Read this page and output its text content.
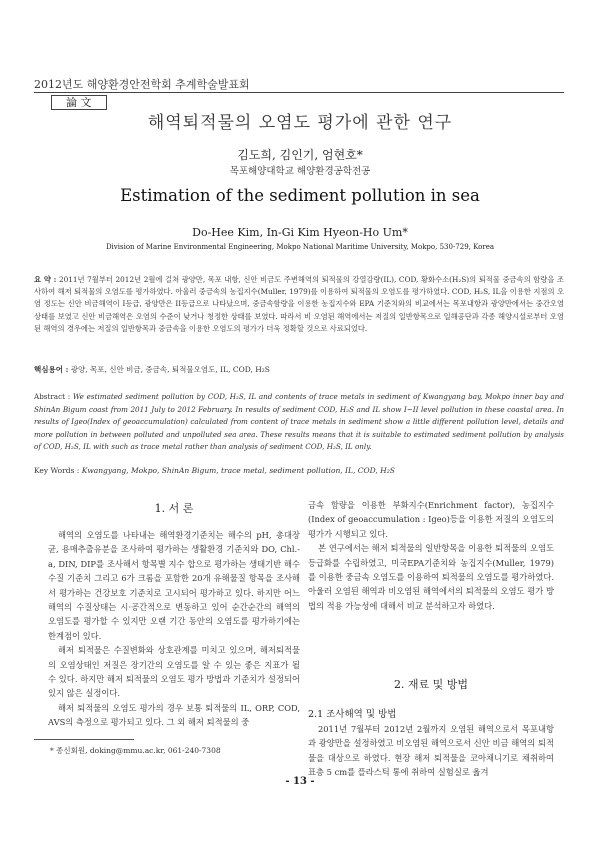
2012년도 해양환경안전학회 추계학술발표회
論 文
해역퇴적물의 오염도 평가에 관한 연구
김도희, 김인기, 엄현호*
목포해양대학교 해양환경공학전공
Estimation of the sediment pollution in sea
Do-Hee Kim, In-Gi Kim Hyeon-Ho Um*
Division of Marine Environmental Engineering, Mokpo National Maritime University, Mokpo, 530-729, Korea
요 약 : 2011년 7월부터 2012년 2월에 걸쳐 광양만, 목포 내항, 신안 비금도 주변해역의 퇴적물의 강열감량(IL), COD, 황화수소(H₂S)의 퇴적물 중금속의 함량을 조사하여 해저 퇴적물의 오염도를 평가하였다. 아울러 중금속의 농집지수(Muller, 1979)를 이용하여 퇴적물의 오염도를 평가하였다. COD, H₂S, IL을 이용한 지점의 오염 정도는 신안 비금해역이 I등급, 광양만은 II등급으로 나타났으며, 중금속함량을 이용한 농집지수와 EPA 기준치와의 비교에서는 목포내항과 광양만에서는 중간오염 상태를 보였고 신안 비금해역은 오염의 수준이 낮거나 청정한 상태를 보였다. 따라서 비 오염된 해역에서는 저질의 일반항목으로 일해공단과 각종 해양시설로부터 오염된 해역의 경우에는 저질의 일반항목과 중금속을 이용한 오염도의 평가가 더욱 정확할 것으로 사료되었다.
핵심용어 : 광양, 목포, 신안 비금, 중금속, 퇴적물오염도, IL, COD, H₂S
Abstract : We estimated sediment pollution by COD, H₂S, IL and contents of trace metals in sediment of Kwangyang bay, Mokpo inner bay and ShinAn Bigum coast from 2011 July to 2012 February. In results of sediment COD, H₂S and IL show I~II level pollution in these coastal area. In results of Igeo(Index of geoaccumulation) calculated from content of trace metals in sediment show a little different pollution level, details and more pollution in between polluted and unpolluted sea area. These results means that it is suitable to estimated sediment pollution by analysis of COD, H₂S, IL with such as trace metal rather than analysis of sediment COD, H₂S, IL only.
Key Words : Kwangyang, Mokpo, ShinAn Bigum, trace metal, sediment pollution, IL, COD, H₂S
1. 서 론

해역의 오염도를 나타내는 해역환경기준치는 해수의 pH, 총대장균, 용매추출유분을 조사하여 평가하는 생활환경 기준치와 DO, Chl.-a, DIN, DIP를 조사해서 항목별 지수 합으로 평가하는 생태기반 해수수질 기준치 그리고 6가 크롬을 포함한 20개 유해물질 항목을 조사해서 평가하는 건강보호 기준치로 고시되어 평가하고 있다. 하지만 어느 해역의 수질상태는 시·공간적으로 변동하고 있어 순간순간의 해역의 오염도를 평가할 수 있지만 오랜 기간 동안의 오염도를 평가하기에는 한계점이 있다.

해저 퇴적물은 수질변화와 상호관계를 미치고 있으며, 해저퇴적물의 오염상태인 저질은 장기간의 오염도를 알 수 있는 좋은 지표가 될 수 있다. 하지만 해저 퇴적물의 오염도 평가 방법과 기준치가 설정되어 있지 않은 실정이다.

해저 퇴적물의 오염도 평가의 경우 보통 퇴적물의 IL, ORP, COD, AVS의 측정으로 평가되고 있다. 그 외 해저 퇴적물의 중

금속 함량을 이용한 부화지수(Enrichment factor), 농집지수(Index of geoaccumulation : Igeo)등을 이용한 저질의 오염도의 평가가 시행되고 있다.

본 연구에서는 해저 퇴적물의 일반항목을 이용한 퇴적물의 오염도 등급화를 수립하였고, 미국EPA기준치와 농집지수(Muller, 1979)를 이용한 중금속 오염도를 이용하여 퇴적물의 오염도를 평가하였다. 아울러 오염된 해역과 비오염된 해역에서의 퇴적물의 오염도 평가 방법의 적용 가능성에 대해서 비교 분석하고자 하였다.

2. 재료 및 방법
2.1 조사해역 및 방법

2011년 7월부터 2012년 2월까지 오염된 해역으로서 목포내항과 광양만을 설정하였고 비오염된 해역으로서 신안 비금 해역의 퇴적물을 대상으로 하였다. 현장 해저 퇴적물을 코아채니기로 채취하여 표층 5 cm를 플라스틱 통에 취하여 실험실로 옮겨

* 종신회원, doking@mmu.ac.kr, 061-240-7308
- 13 -
